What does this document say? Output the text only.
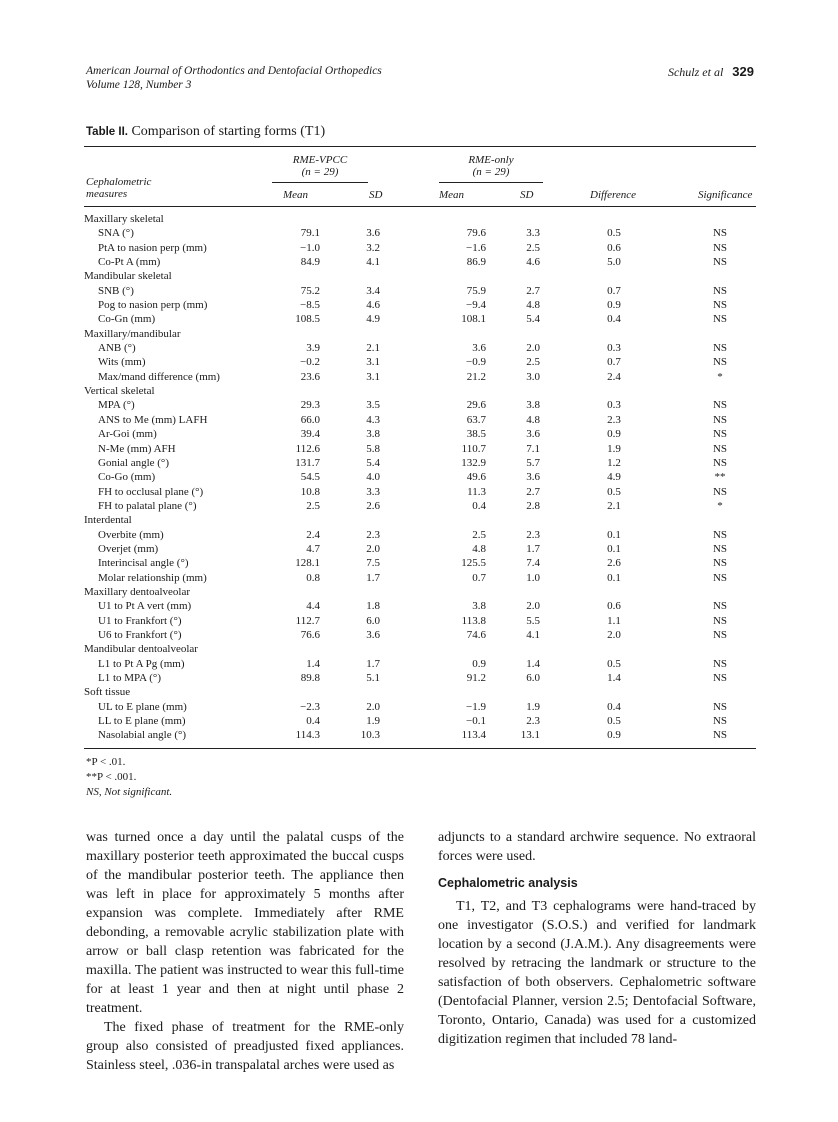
American Journal of Orthodontics and Dentofacial Orthopedics
Volume 128, Number 3
Schulz et al 329
Table II. Comparison of starting forms (T1)
RME-VPCC
(n = 29)
RME-only
(n = 29)
Cephalometric
measures	Mean	SD	Mean	SD	Difference	Significance
Maxillary skeletal
SNA (°)	79.1	3.6	79.6	3.3	0.5	NS
PtA to nasion perp (mm)	−1.0	3.2	−1.6	2.5	0.6	NS
Co-Pt A (mm)	84.9	4.1	86.9	4.6	5.0	NS
Mandibular skeletal
SNB (°)	75.2	3.4	75.9	2.7	0.7	NS
Pog to nasion perp (mm)	−8.5	4.6	−9.4	4.8	0.9	NS
Co-Gn (mm)	108.5	4.9	108.1	5.4	0.4	NS
Maxillary/mandibular
ANB (°)	3.9	2.1	3.6	2.0	0.3	NS
Wits (mm)	−0.2	3.1	−0.9	2.5	0.7	NS
Max/mand difference (mm)	23.6	3.1	21.2	3.0	2.4	*
Vertical skeletal
MPA (°)	29.3	3.5	29.6	3.8	0.3	NS
ANS to Me (mm) LAFH	66.0	4.3	63.7	4.8	2.3	NS
Ar-Goi (mm)	39.4	3.8	38.5	3.6	0.9	NS
N-Me (mm) AFH	112.6	5.8	110.7	7.1	1.9	NS
Gonial angle (°)	131.7	5.4	132.9	5.7	1.2	NS
Co-Go (mm)	54.5	4.0	49.6	3.6	4.9	**
FH to occlusal plane (°)	10.8	3.3	11.3	2.7	0.5	NS
FH to palatal plane (°)	2.5	2.6	0.4	2.8	2.1	*
Interdental
Overbite (mm)	2.4	2.3	2.5	2.3	0.1	NS
Overjet (mm)	4.7	2.0	4.8	1.7	0.1	NS
Interincisal angle (°)	128.1	7.5	125.5	7.4	2.6	NS
Molar relationship (mm)	0.8	1.7	0.7	1.0	0.1	NS
Maxillary dentoalveolar
U1 to Pt A vert (mm)	4.4	1.8	3.8	2.0	0.6	NS
U1 to Frankfort (°)	112.7	6.0	113.8	5.5	1.1	NS
U6 to Frankfort (°)	76.6	3.6	74.6	4.1	2.0	NS
Mandibular dentoalveolar
L1 to Pt A Pg (mm)	1.4	1.7	0.9	1.4	0.5	NS
L1 to MPA (°)	89.8	5.1	91.2	6.0	1.4	NS
Soft tissue
UL to E plane (mm)	−2.3	2.0	−1.9	1.9	0.4	NS
LL to E plane (mm)	0.4	1.9	−0.1	2.3	0.5	NS
Nasolabial angle (°)	114.3	10.3	113.4	13.1	0.9	NS
*P < .01.
**P < .001.
NS, Not significant.

was turned once a day until the palatal cusps of the maxillary posterior teeth approximated the buccal cusps of the mandibular posterior teeth. The appliance then was left in place for approximately 5 months after expansion was complete. Immediately after RME debonding, a removable acrylic stabilization plate with arrow or ball clasp retention was fabricated for the maxilla. The patient was instructed to wear this full-time for at least 1 year and then at night until phase 2 treatment.

The fixed phase of treatment for the RME-only group also consisted of preadjusted fixed appliances. Stainless steel, .036-in transpalatal arches were used as

adjuncts to a standard archwire sequence. No extraoral forces were used.

Cephalometric analysis

T1, T2, and T3 cephalograms were hand-traced by one investigator (S.O.S.) and verified for landmark location by a second (J.A.M.). Any disagreements were resolved by retracing the landmark or structure to the satisfaction of both observers. Cephalometric software (Dentofacial Planner, version 2.5; Dentofacial Software, Toronto, Ontario, Canada) was used for a customized digitization regimen that included 78 land-
